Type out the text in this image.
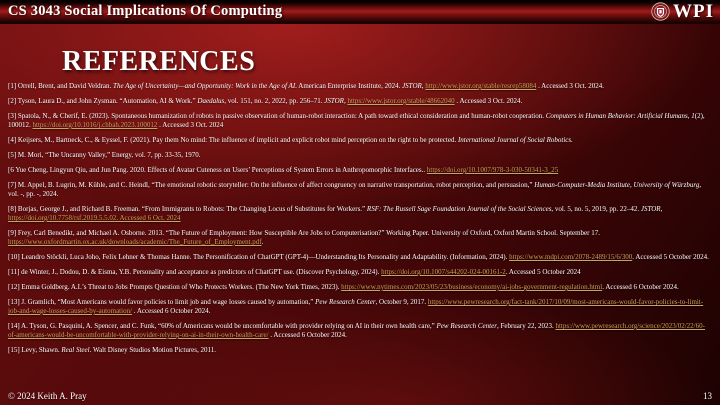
CS 3043 Social Implications Of Computing	WPI
REFERENCES

[1] Orrell, Brent, and David Veldran. The Age of Uncertainty—and Opportunity: Work in the Age of AI. American Enterprise Institute, 2024. JSTOR, http://www.jstor.org/stable/resrep58084 . Accessed 3 Oct. 2024.

[2] Tyson, Laura D., and John Zysman. “Automation, AI & Work.” Daedalus, vol. 151, no. 2, 2022, pp. 256–71. JSTOR, https://www.jstor.org/stable/48662040 . Accessed 3 Oct. 2024.

[3] Spatola, N., & Cherif, E. (2023). Spontaneous humanization of robots in passive observation of human-robot interaction: A path toward ethical consideration and human-robot cooperation. Computers in Human Behavior: Artificial Humans, 1(2), 100012. https://doi.org/10.1016/j.chbah.2023.100012 . Accessed 3 Oct. 2024

[4] Keijsers, M., Bartneck, C., & Eyssel, F. (2021). Pay them No mind: The influence of implicit and explicit robot mind perception on the right to be protected. International Journal of Social Robotics.

[5] M. Mori, “The Uncanny Valley,” Energy, vol. 7, pp. 33-35, 1970.

[6 Yue Cheng, Lingyun Qiu, and Jun Pang. 2020. Effects of Avatar Cuteness on Users’ Perceptions of System Errors in Anthropomorphic Interfaces.. https://doi.org/10.1007/978-3-030-50341-3_25

[7] M. Appel, B. Lugrin, M. Kühle, and C. Heindl, “The emotional robotic storyteller: On the influence of affect congruency on narrative transportation, robot perception, and persuasion,” Human-Computer-Media Institute, University of Würzburg, vol. -, pp. -, 2024.

[8] Borjas, George J., and Richard B. Freeman. “From Immigrants to Robots: The Changing Locus of Substitutes for Workers.” RSF: The Russell Sage Foundation Journal of the Social Sciences, vol. 5, no. 5, 2019, pp. 22–42. JSTOR, https://doi.org/10.7758/rsf.2019.5.5.02. Accessed 6 Oct. 2024

[9] Frey, Carl Benedikt, and Michael A. Osborne. 2013. “The Future of Employment: How Susceptible Are Jobs to Computerisation?” Working Paper. University of Oxford, Oxford Martin School. September 17. https://www.oxfordmartin.ox.ac.uk/downloads/academic/The_Future_of_Employment.pdf.

[10] Leandro Stöckli, Luca Joho, Felix Lehner & Thomas Hanne. The Personification of ChatGPT (GPT-4)—Understanding Its Personality and Adaptability. (Information, 2024). https://www.mdpi.com/2078-2489/15/6/300. Accessed 5 October 2024.

[11] de Winter, J., Dodou, D. & Eisma, Y.B. Personality and acceptance as predictors of ChatGPT use. (Discover Psychology, 2024). https://doi.org/10.1007/s44202-024-00161-2. Accessed 5 October 2024

[12] Emma Goldberg. A.I.’s Threat to Jobs Prompts Question of Who Protects Workers. (The New York Times, 2023). https://www.nytimes.com/2023/05/23/business/economy/ai-jobs-government-regulation.html. Accessed 6 October 2024.

[13] J. Gramlich, “Most Americans would favor policies to limit job and wage losses caused by automation,” Pew Research Center, October 9, 2017. https://www.pewresearch.org/fact-tank/2017/10/09/most-americans-would-favor-policies-to-limit-job-and-wage-losses-caused-by-automation/ . Accessed 6 October 2024.

[14] A. Tyson, G. Pasquini, A. Spencer, and C. Funk, “60% of Americans would be uncomfortable with provider relying on AI in their own health care,” Pew Research Center, February 22, 2023. https://www.pewresearch.org/science/2023/02/22/60-of-americans-would-be-uncomfortable-with-provider-relying-on-ai-in-their-own-health-care/ . Accessed 6 October 2024.

[15] Levy, Shawn. Real Steel. Walt Disney Studios Motion Pictures, 2011.

© 2024 Keith A. Pray	13
